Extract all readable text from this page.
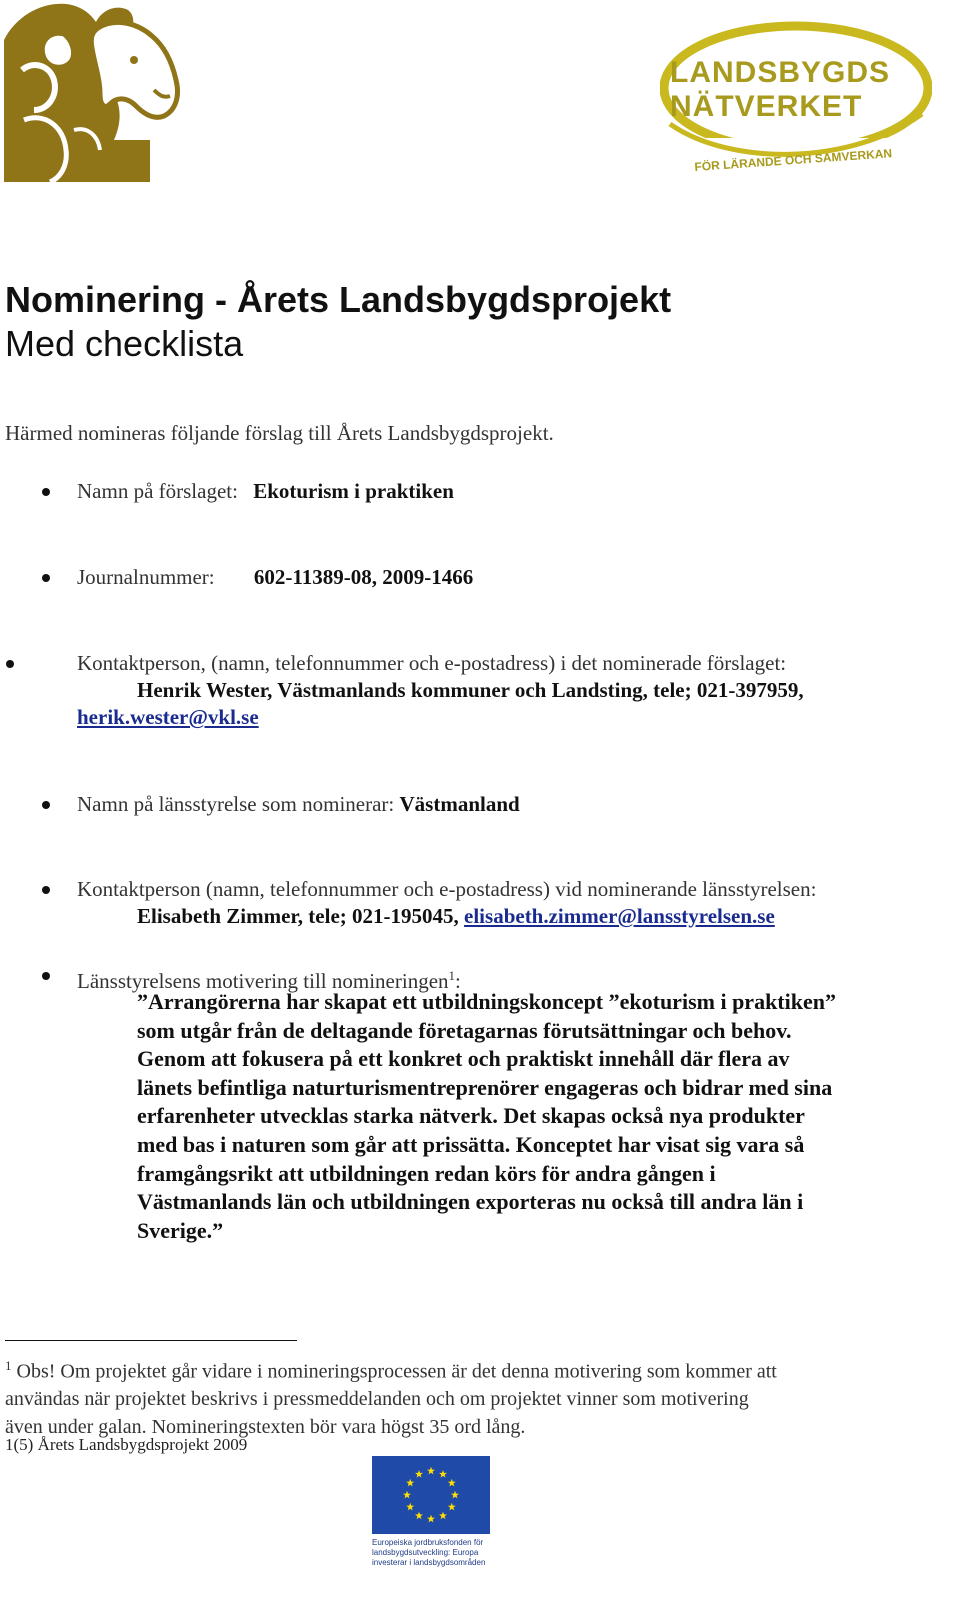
LANDSBYGDS
NÄTVERKET
FÖR LÄRANDE OCH SAMVERKAN
Nominering - Årets Landsbygdsprojekt
Med checklista
Härmed nomineras följande förslag till Årets Landsbygdsprojekt.
Namn på förslaget: Ekoturism i praktiken
Journalnummer: 602-11389-08, 2009-1466
Kontaktperson, (namn, telefonnummer och e-postadress) i det nominerade förslaget:
Henrik Wester, Västmanlands kommuner och Landsting, tele; 021-397959,
herik.wester@vkl.se
Namn på länsstyrelse som nominerar: Västmanland
Kontaktperson (namn, telefonnummer och e-postadress) vid nominerande länsstyrelsen:
Elisabeth Zimmer, tele; 021-195045, elisabeth.zimmer@lansstyrelsen.se
Länsstyrelsens motivering till nomineringen$^1$:
”Arrangörerna har skapat ett utbildningskoncept ”ekoturism i praktiken”
som utgår från de deltagande företagarnas förutsättningar och behov.
Genom att fokusera på ett konkret och praktiskt innehåll där flera av
länets befintliga naturturismentreprenörer engageras och bidrar med sina
erfarenheter utvecklas starka nätverk. Det skapas också nya produkter
med bas i naturen som går att prissätta. Konceptet har visat sig vara så
framgångsrikt att utbildningen redan körs för andra gången i
Västmanlands län och utbildningen exporteras nu också till andra län i
Sverige.”
$^1$ Obs! Om projektet går vidare i nomineringsprocessen är det denna motivering som kommer att
användas när projektet beskrivs i pressmeddelanden och om projektet vinner som motivering
även under galan. Nomineringstexten bör vara högst 35 ord lång.
1(5) Årets Landsbygdsprojekt 2009
Europeiska jordbruksfonden för
landsbygdsutveckling: Europa
investerar i landsbygdsområden
